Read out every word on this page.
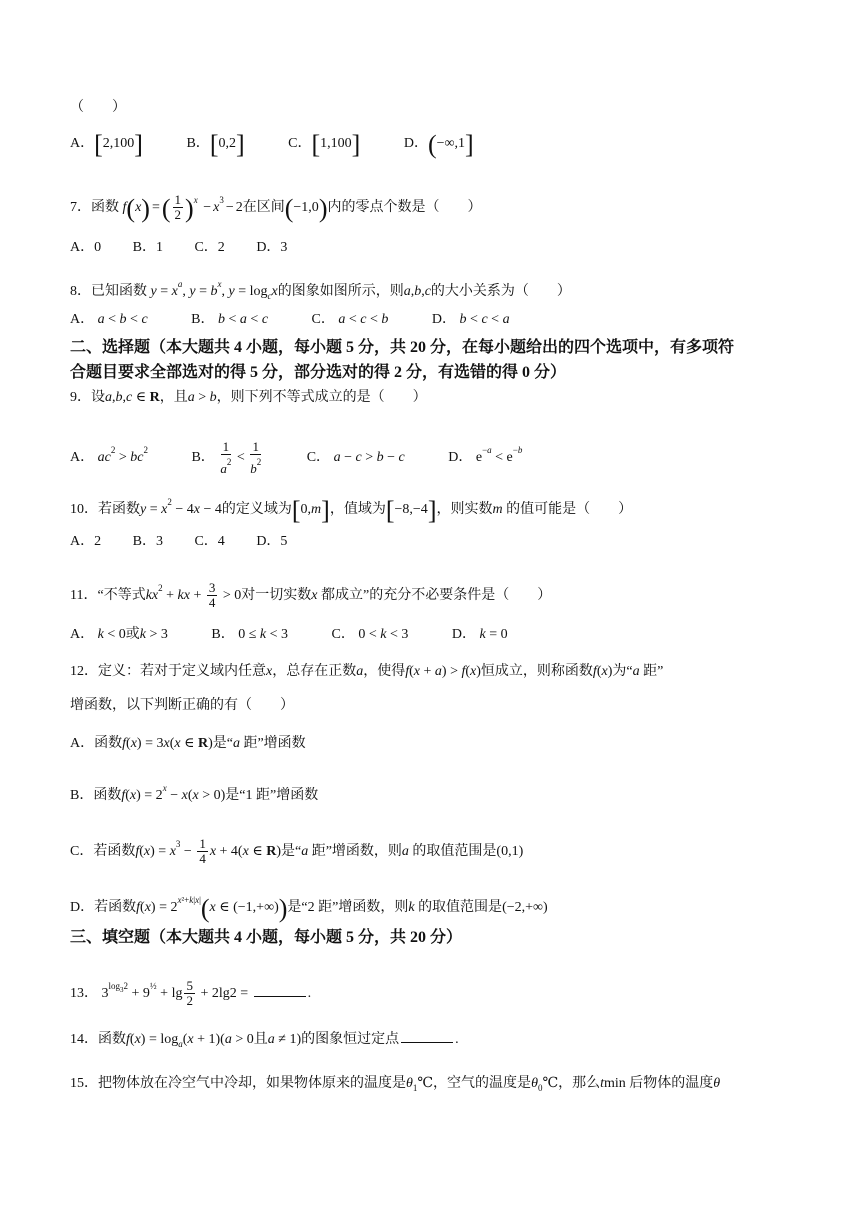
（　　）
A．[2,100]	B．[0,2]	C．[1,100]	D．(−∞,1]
7．函数 f(x) =( $\frac{1}{2} )^x - x^3 - 2$在区间(−1,0)内的零点个数是（　　）
A．0 B．1 C．2 D．3
8．已知函数 $y = x^a$, $y = b^x$, $y = \log_cx$的图象如图所示，则a,b,c的大小关系为（　　）
A． a < b < c	B． b < a < c	C． a < c < b	D． b < c < a
二、选择题（本大题共 4 小题，每小题 5 分，共 20 分，在每小题给出的四个选项中，有多项符
合题目要求全部选对的得 5 分，部分选对的得 2 分，有选错的得 0 分）
9．设a,b,c ∈ R，且a > b，则下列不等式成立的是（　　）
A． $ac^2 > bc^2$	B． $\frac{1}{a^2} < \frac{1}{b^2}$	C． a − c > b − c	D． $e^{-a} < e^{-b}$
10．若函数$y = x^2 - 4x - 4$的定义域为[0,m]，值域为[−8,−4]，则实数m 的值可能是（　　）
A．2 B．3 C．4 D．5
11．“不等式$kx^2$ + kx + $\frac{3}{4} > 0$对一切实数x 都成立”的充分不必要条件是（　　）
A． k < 0或k > 3	B． 0 ≤ k < 3	C． 0 < k < 3	D． k = 0
12．定义：若对于定义域内任意x，总存在正数a，使得f(x + a) > f(x)恒成立，则称函数f(x)为“a 距”
增函数，以下判断正确的有（　　）
A．函数f(x) = 3x(x ∈ R)是“a 距”增函数
B．函数$f(x) = 2^x - x(x > 0)$是“1 距”增函数
C．若函数$f(x) = x^3 - \frac{1}{4}$ x + 4(x ∈ R)是“a 距”增函数，则a 的取值范围是(0,1)
D．若函数$f(x) = 2^{x^2+k|x|}(x$ ∈ (−1,+∞))是“2 距”增函数，则k 的取值范围是(−2,+∞)
三、填空题（本大题共 4 小题，每小题 5 分，共 20 分）
13． $3^{log_32} + 9^{\frac{1}{2}} + \lg \frac{5}{2} + 2\lg 2$ =	.
14．函数$f(x) = \log_a(x + 1)(a > 0$且a ≠ 1)的图象恒过定点	.
15．把物体放在冷空气中冷却，如果物体原来的温度是$\theta_1℃$，空气的温度是$\theta_0℃$，那么tmin 后物体的温度θ
